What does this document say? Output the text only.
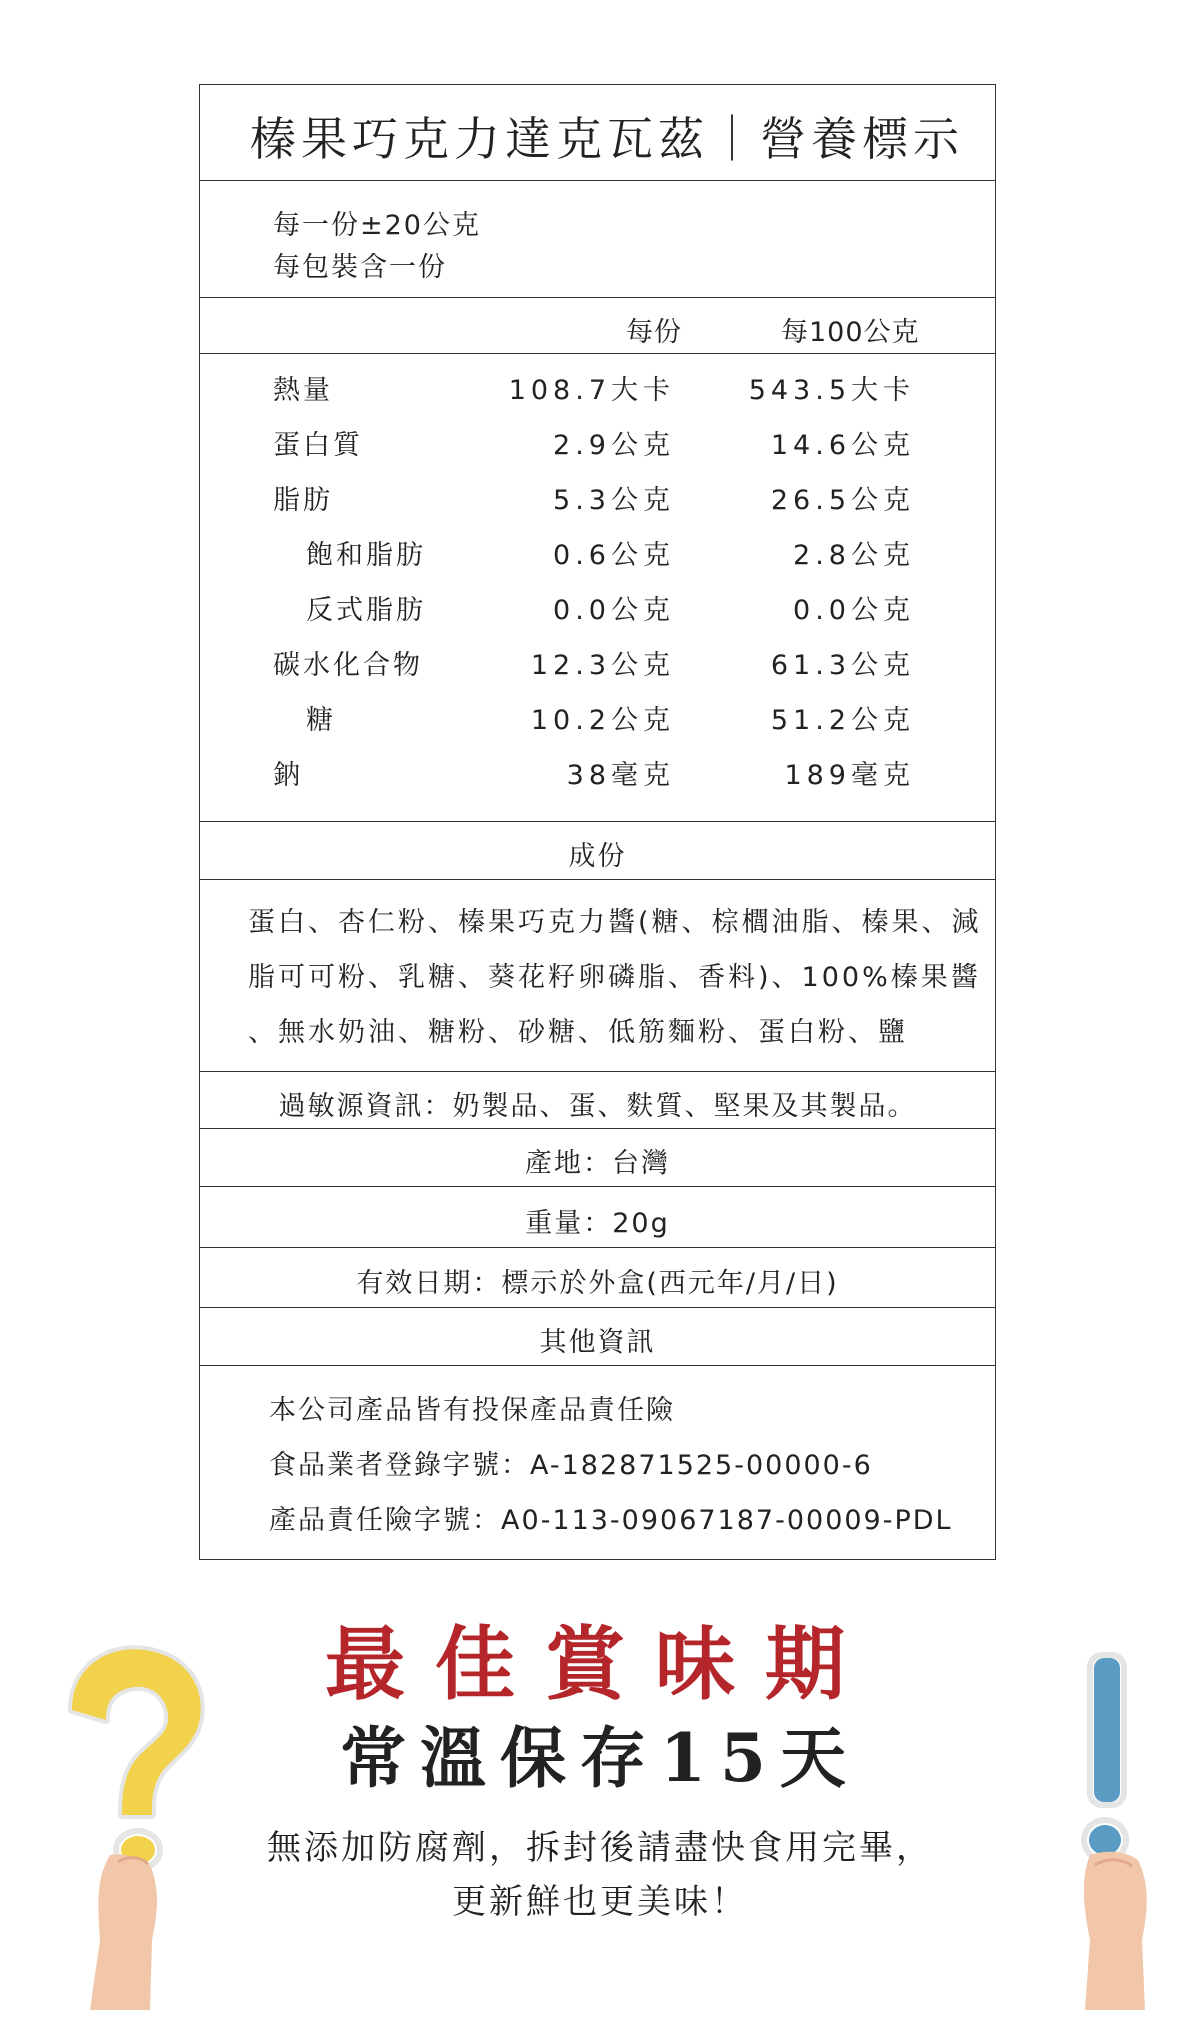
榛果巧克力達克瓦茲｜營養標示
每一份±20公克
每包裝含一份
每份	每100公克
熱量	108.7大卡	543.5大卡
蛋白質	2.9公克	14.6公克
脂肪	5.3公克	26.5公克
飽和脂肪	0.6公克	2.8公克
反式脂肪	0.0公克	0.0公克
碳水化合物	12.3公克	61.3公克
糖	10.2公克	51.2公克
鈉	38毫克	189毫克
成份
蛋白、杏仁粉、榛果巧克力醬(糖、棕櫚油脂、榛果、減
脂可可粉、乳糖、葵花籽卵磷脂、香料)、100%榛果醬
、無水奶油、糖粉、砂糖、低筋麵粉、蛋白粉、鹽
過敏源資訊：奶製品、蛋、麩質、堅果及其製品。
產地：台灣
重量：20g
有效日期：標示於外盒(西元年/月/日)
其他資訊
本公司產品皆有投保產品責任險
食品業者登錄字號：A-182871525-00000-6
產品責任險字號：A0-113-09067187-00009-PDL
最佳賞味期
常溫保存15天
無添加防腐劑，拆封後請盡快食用完畢，
更新鮮也更美味！
